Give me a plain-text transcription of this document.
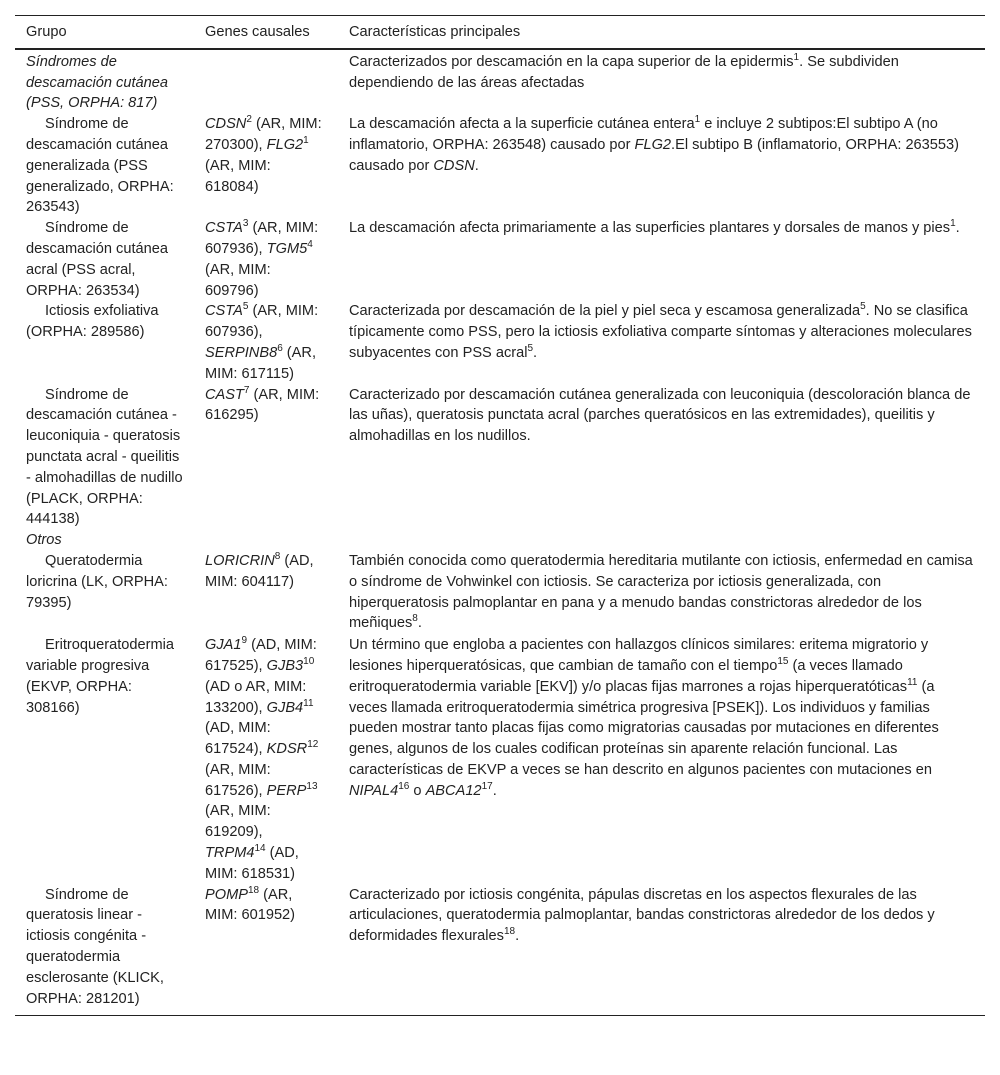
Grupo	Genes causales	Características principales
Síndromes de descamación cutánea (PSS, ORPHA: 817)		Caracterizados por descamación en la capa superior de la epidermis$^1$. Se subdividen dependiendo de las áreas afectadas

Síndrome de descamación cutánea generalizada (PSS generalizado, ORPHA: 263543)	CDSN$^2$ (AR, MIM: 270300), $FLG2^1$ (AR, MIM: 618084)	La descamación afecta a la superficie cutánea entera$^1$ e incluye 2 subtipos:El subtipo A (no inflamatorio, ORPHA: 263548) causado por FLG2.El subtipo B (inflamatorio, ORPHA: 263553) causado por CDSN.

Síndrome de descamación cutánea acral (PSS acral, ORPHA: 263534)	CSTA$^3$ (AR, MIM: 607936), $TGM5^4$ (AR, MIM: 609796)	La descamación afecta primariamente a las superficies plantares y dorsales de manos y pies$^1$.

Ictiosis exfoliativa (ORPHA: 289586)	CSTA$^5$ (AR, MIM: 607936), $SERPINB8^6$ (AR, MIM: 617115)	Caracterizada por descamación de la piel y piel seca y escamosa generalizada$^5$. No se clasifica típicamente como PSS, pero la ictiosis exfoliativa comparte síntomas y alteraciones moleculares subyacentes con PSS acral$^5$.

Síndrome de descamación cutánea - leuconiquia - queratosis punctata acral - queilitis - almohadillas de nudillo (PLACK, ORPHA: 444138)	CAST$^7$ (AR, MIM: 616295)	Caracterizado por descamación cutánea generalizada con leuconiquia (descoloración blanca de las uñas), queratosis punctata acral (parches queratósicos en las extremidades), queilitis y almohadillas en los nudillos.
Otros		

Queratodermia loricrina (LK, ORPHA: 79395)	LORICRIN$^8$ (AD, MIM: 604117)	También conocida como queratodermia hereditaria mutilante con ictiosis, enfermedad en camisa o síndrome de Vohwinkel con ictiosis. Se caracteriza por ictiosis generalizada, con hiperqueratosis palmoplantar en pana y a menudo bandas constrictoras alrededor de los meñiques$^8$.

Eritroqueratodermia variable progresiva (EKVP, ORPHA: 308166)	$GJA1^9$ (AD, MIM: 617525), $GJB3^{10}$ (AD o AR, MIM: 133200), $GJB4^{11}$ (AD, MIM: 617524), KDSR$^{12}$ (AR, MIM: 617526), PERP$^{13}$ (AR, MIM: 619209), $TRPM4^{14}$ (AD, MIM: 618531)	Un término que engloba a pacientes con hallazgos clínicos similares: eritema migratorio y lesiones hiperqueratósicas, que cambian de tamaño con el tiempo$^{15}$ (a veces llamado eritroqueratodermia variable [EKV]) y/o placas fijas marrones a rojas hiperqueratóticas$^{11}$ (a veces llamada eritroqueratodermia simétrica progresiva [PSEK]). Los individuos y familias pueden mostrar tanto placas fijas como migratorias causadas por mutaciones en diferentes genes, algunos de los cuales codifican proteínas sin aparente relación funcional. Las características de EKVP a veces se han descrito en algunos pacientes con mutaciones en $NIPAL4^{16}$ o $ABCA12^{17}$.

Síndrome de queratosis linear - ictiosis congénita - queratodermia esclerosante (KLICK, ORPHA: 281201)	POMP$^{18}$ (AR, MIM: 601952)	Caracterizado por ictiosis congénita, pápulas discretas en los aspectos flexurales de las articulaciones, queratodermia palmoplantar, bandas constrictoras alrededor de los dedos y deformidades flexurales$^{18}$.
